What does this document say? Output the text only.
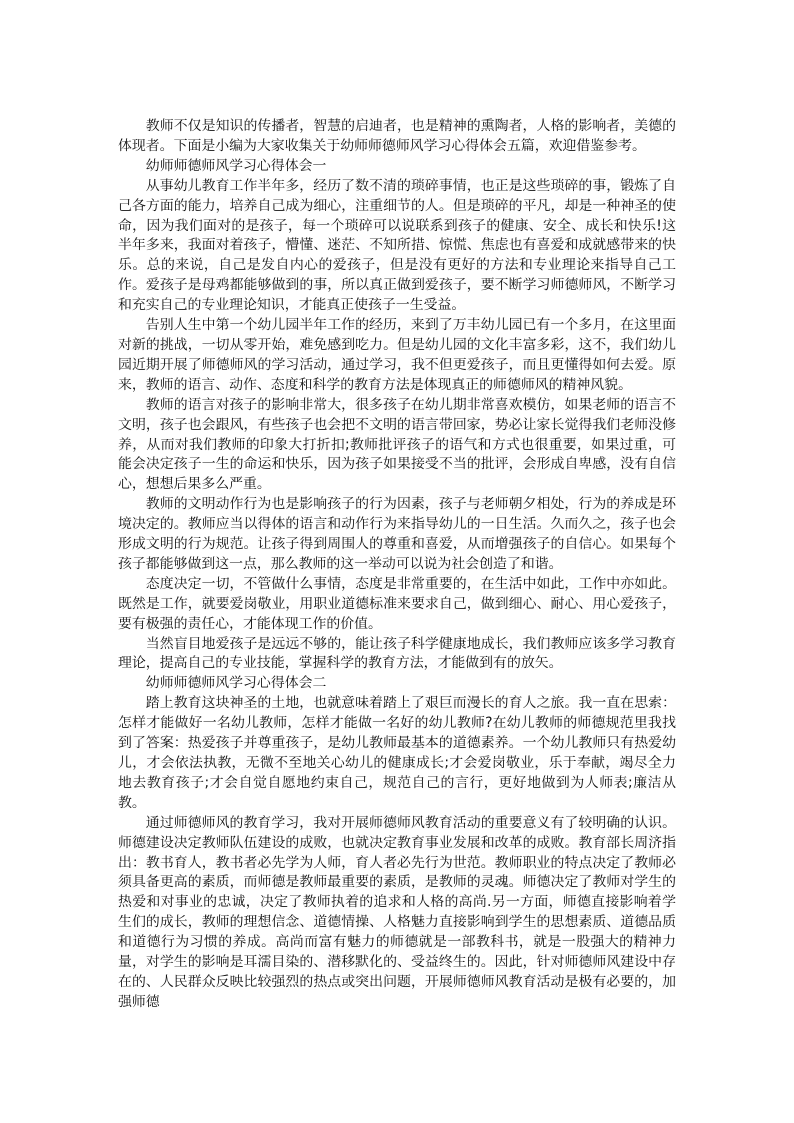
教师不仅是知识的传播者，智慧的启迪者，也是精神的熏陶者，人格的影响者，美德的体现者。下面是小编为大家收集关于幼师师德师风学习心得体会五篇，欢迎借鉴参考。

幼师师德师风学习心得体会一

从事幼儿教育工作半年多，经历了数不清的琐碎事情，也正是这些琐碎的事，锻炼了自己各方面的能力，培养自己成为细心，注重细节的人。但是琐碎的平凡，却是一种神圣的使命，因为我们面对的是孩子，每一个琐碎可以说联系到孩子的健康、安全、成长和快乐!这半年多来，我面对着孩子，懵懂、迷茫、不知所措、惊慌、焦虑也有喜爱和成就感带来的快乐。总的来说，自己是发自内心的爱孩子，但是没有更好的方法和专业理论来指导自己工作。爱孩子是母鸡都能够做到的事，所以真正做到爱孩子，要不断学习师德师风，不断学习和充实自己的专业理论知识，才能真正使孩子一生受益。

告别人生中第一个幼儿园半年工作的经历，来到了万丰幼儿园已有一个多月，在这里面对新的挑战，一切从零开始，难免感到吃力。但是幼儿园的文化丰富多彩，这不，我们幼儿园近期开展了师德师风的学习活动，通过学习，我不但更爱孩子，而且更懂得如何去爱。原来，教师的语言、动作、态度和科学的教育方法是体现真正的师德师风的精神风貌。

教师的语言对孩子的影响非常大，很多孩子在幼儿期非常喜欢模仿，如果老师的语言不文明，孩子也会跟风，有些孩子也会把不文明的语言带回家，势必让家长觉得我们老师没修养，从而对我们教师的印象大打折扣;教师批评孩子的语气和方式也很重要，如果过重，可能会决定孩子一生的命运和快乐，因为孩子如果接受不当的批评，会形成自卑感，没有自信心，想想后果多么严重。

教师的文明动作行为也是影响孩子的行为因素，孩子与老师朝夕相处，行为的养成是环境决定的。教师应当以得体的语言和动作行为来指导幼儿的一日生活。久而久之，孩子也会形成文明的行为规范。让孩子得到周围人的尊重和喜爱，从而增强孩子的自信心。如果每个孩子都能够做到这一点，那么教师的这一举动可以说为社会创造了和谐。

态度决定一切，不管做什么事情，态度是非常重要的，在生活中如此，工作中亦如此。既然是工作，就要爱岗敬业，用职业道德标准来要求自己，做到细心、耐心、用心爱孩子，要有极强的责任心，才能体现工作的价值。

当然盲目地爱孩子是远远不够的，能让孩子科学健康地成长，我们教师应该多学习教育理论，提高自己的专业技能，掌握科学的教育方法，才能做到有的放矢。

幼师师德师风学习心得体会二

踏上教育这块神圣的土地，也就意味着踏上了艰巨而漫长的育人之旅。我一直在思索：怎样才能做好一名幼儿教师，怎样才能做一名好的幼儿教师?在幼儿教师的师德规范里我找到了答案：热爱孩子并尊重孩子，是幼儿教师最基本的道德素养。一个幼儿教师只有热爱幼儿，才会依法执教，无微不至地关心幼儿的健康成长;才会爱岗敬业，乐于奉献，竭尽全力地去教育孩子;才会自觉自愿地约束自己，规范自己的言行，更好地做到为人师表;廉洁从教。

通过师德师风的教育学习，我对开展师德师风教育活动的重要意义有了较明确的认识。师德建设决定教师队伍建设的成败，也就决定教育事业发展和改革的成败。教育部长周济指出：教书育人，教书者必先学为人师，育人者必先行为世范。教师职业的特点决定了教师必须具备更高的素质，而师德是教师最重要的素质，是教师的灵魂。师德决定了教师对学生的热爱和对事业的忠诚，决定了教师执着的追求和人格的高尚.另一方面，师德直接影响着学生们的成长，教师的理想信念、道德情操、人格魅力直接影响到学生的思想素质、道德品质和道德行为习惯的养成。高尚而富有魅力的师德就是一部教科书，就是一股强大的精神力量，对学生的影响是耳濡目染的、潜移默化的、受益终生的。因此，针对师德师风建设中存在的、人民群众反映比较强烈的热点或突出问题，开展师德师风教育活动是极有必要的，加强师德
